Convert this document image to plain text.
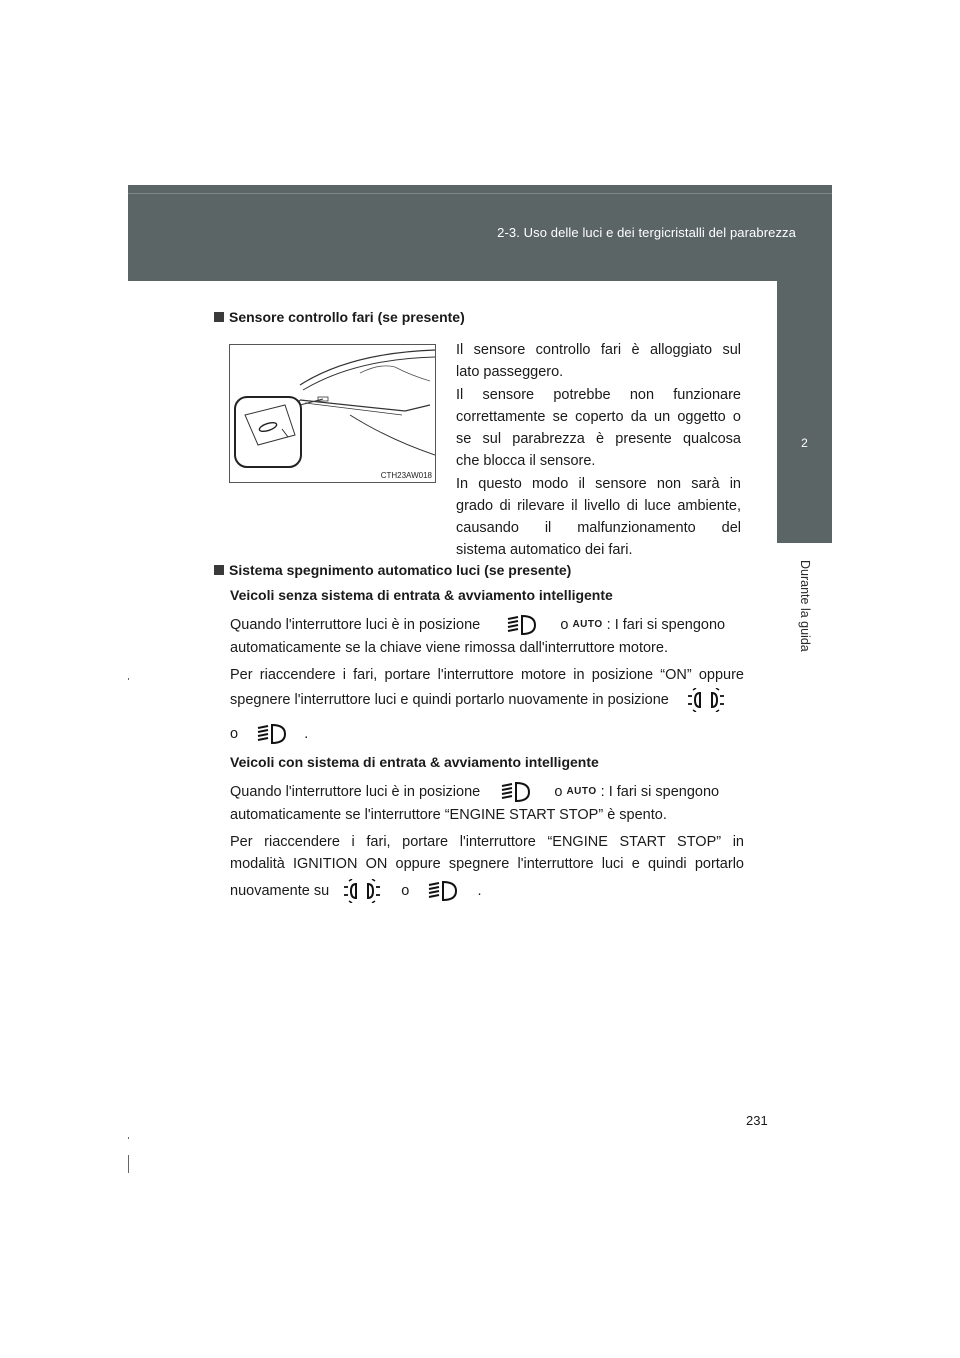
2-3. Uso delle luci e dei tergicristalli del parabrezza
2
Durante la guida
Sensore controllo fari (se presente)
CTH23AW018
Il sensore controllo fari è alloggiato sul
lato passeggero.
Il sensore potrebbe non funzionare
correttamente se coperto da un oggetto o
se sul parabrezza è presente qualcosa
che blocca il sensore.
In questo modo il sensore non sarà in
grado di rilevare il livello di luce ambiente,
causando il malfunzionamento del
sistema automatico dei fari.
Sistema spegnimento automatico luci (se presente)
Veicoli senza sistema di entrata & avviamento intelligente
Quando l'interruttore luci è in posizione	o AUTO : I fari si spengono
automaticamente se la chiave viene rimossa dall'interruttore motore.
Per riaccendere i fari, portare l'interruttore motore in posizione “ON” oppure
spegnere l'interruttore luci e quindi portarlo nuovamente in posizione
o	.
Veicoli con sistema di entrata & avviamento intelligente
Quando l'interruttore luci è in posizione	o AUTO : I fari si spengono
automaticamente se l'interruttore “ENGINE START STOP” è spento.
Per riaccendere i fari, portare l'interruttore “ENGINE START STOP” in
modalità IGNITION ON oppure spegnere l'interruttore luci e quindi portarlo
nuovamente su	o	.
231
